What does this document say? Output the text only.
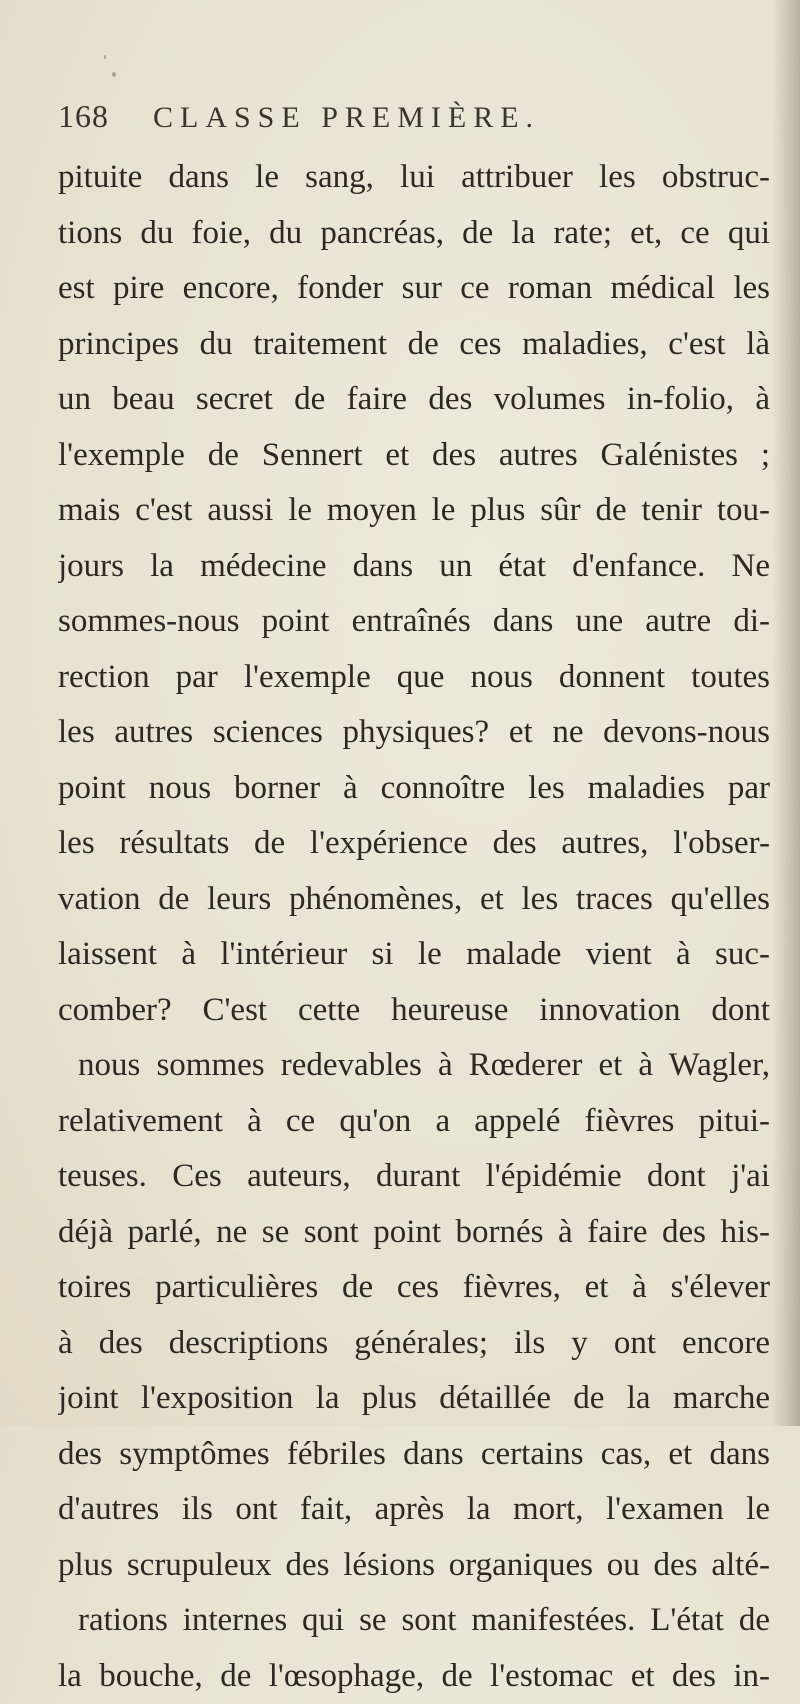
168 CLASSE PREMIÈRE.
pituite dans le sang, lui attribuer les obstruc-
tions du foie, du pancréas, de la rate; et, ce qui
est pire encore, fonder sur ce roman médical les
principes du traitement de ces maladies, c'est là
un beau secret de faire des volumes in-folio, à
l'exemple de Sennert et des autres Galénistes ;
mais c'est aussi le moyen le plus sûr de tenir tou-
jours la médecine dans un état d'enfance. Ne
sommes-nous point entraînés dans une autre di-
rection par l'exemple que nous donnent toutes
les autres sciences physiques? et ne devons-nous
point nous borner à connoître les maladies par
les résultats de l'expérience des autres, l'obser-
vation de leurs phénomènes, et les traces qu'elles
laissent à l'intérieur si le malade vient à suc-
comber? C'est cette heureuse innovation dont
nous sommes redevables à Rœderer et à Wagler,
relativement à ce qu'on a appelé fièvres pitui-
teuses. Ces auteurs, durant l'épidémie dont j'ai
déjà parlé, ne se sont point bornés à faire des his-
toires particulières de ces fièvres, et à s'élever
à des descriptions générales; ils y ont encore
joint l'exposition la plus détaillée de la marche
des symptômes fébriles dans certains cas, et dans
d'autres ils ont fait, après la mort, l'examen le
plus scrupuleux des lésions organiques ou des alté-
rations internes qui se sont manifestées. L'état de
la bouche, de l'œsophage, de l'estomac et des in-
